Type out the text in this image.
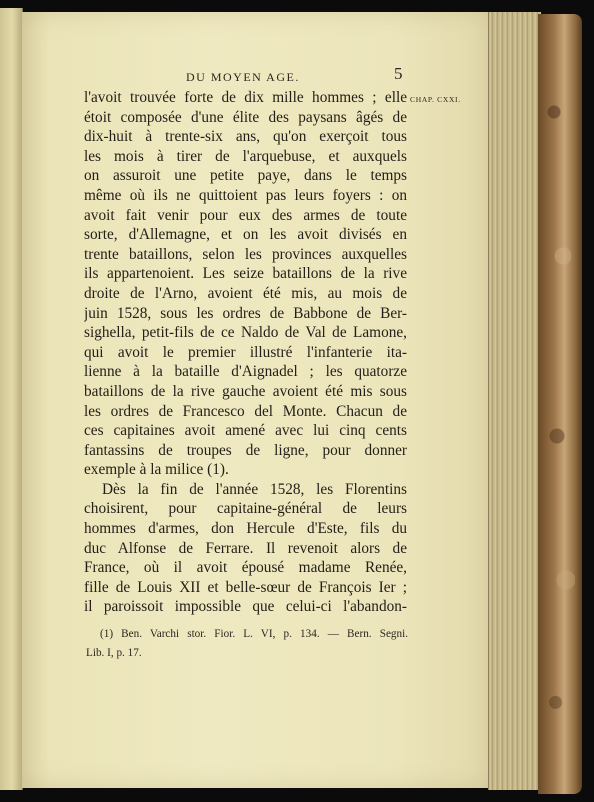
DU MOYEN AGE.	5
CHAP. CXXI.
l'avoit trouvée forte de dix mille hommes ; elle
étoit composée d'une élite des paysans âgés de
dix-huit à trente-six ans, qu'on exerçoit tous
les mois à tirer de l'arquebuse, et auxquels
on assuroit une petite paye, dans le temps
même où ils ne quittoient pas leurs foyers : on
avoit fait venir pour eux des armes de toute
sorte, d'Allemagne, et on les avoit divisés en
trente bataillons, selon les provinces auxquelles
ils appartenoient. Les seize bataillons de la rive
droite de l'Arno, avoient été mis, au mois de
juin 1528, sous les ordres de Babbone de Ber-
sighella, petit-fils de ce Naldo de Val de Lamone,
qui avoit le premier illustré l'infanterie ita-
lienne à la bataille d'Aignadel ; les quatorze
bataillons de la rive gauche avoient été mis sous
les ordres de Francesco del Monte. Chacun de
ces capitaines avoit amené avec lui cinq cents
fantassins de troupes de ligne, pour donner
exemple à la milice (1).
Dès la fin de l'année 1528, les Florentins
choisirent, pour capitaine-général de leurs
hommes d'armes, don Hercule d'Este, fils du
duc Alfonse de Ferrare. Il revenoit alors de
France, où il avoit épousé madame Renée,
fille de Louis XII et belle-sœur de François Ier ;
il paroissoit impossible que celui-ci l'abandon-
(1) Ben. Varchi stor. Fior. L. VI, p. 134. — Bern. Segni.
Lib. I, p. 17.
